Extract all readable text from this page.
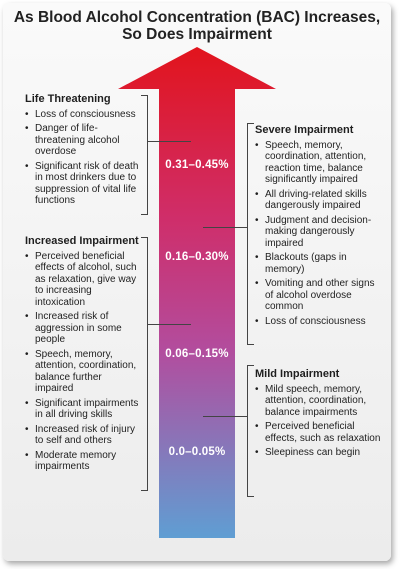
As Blood Alcohol Concentration (BAC) Increases,
So Does Impairment
0.31–0.45%
0.16–0.30%
0.06–0.15%
0.0–0.05%
Life Threatening
• Loss of consciousness
• Danger of life-threatening alcohol overdose
• Significant risk of death in most drinkers due to suppression of vital life functions
Increased Impairment
• Perceived beneficial effects of alcohol, such as relaxation, give way to increasing intoxication
• Increased risk of aggression in some people
• Speech, memory, attention, coordination, balance further impaired
• Significant impairments in all driving skills
• Increased risk of injury to self and others
• Moderate memory impairments
Severe Impairment
• Speech, memory, coordination, attention, reaction time, balance significantly impaired
• All driving-related skills dangerously impaired
• Judgment and decision-making dangerously impaired
• Blackouts (gaps in memory)
• Vomiting and other signs of alcohol overdose common
• Loss of consciousness
Mild Impairment
• Mild speech, memory, attention, coordination, balance impairments
• Perceived beneficial effects, such as relaxation
• Sleepiness can begin
